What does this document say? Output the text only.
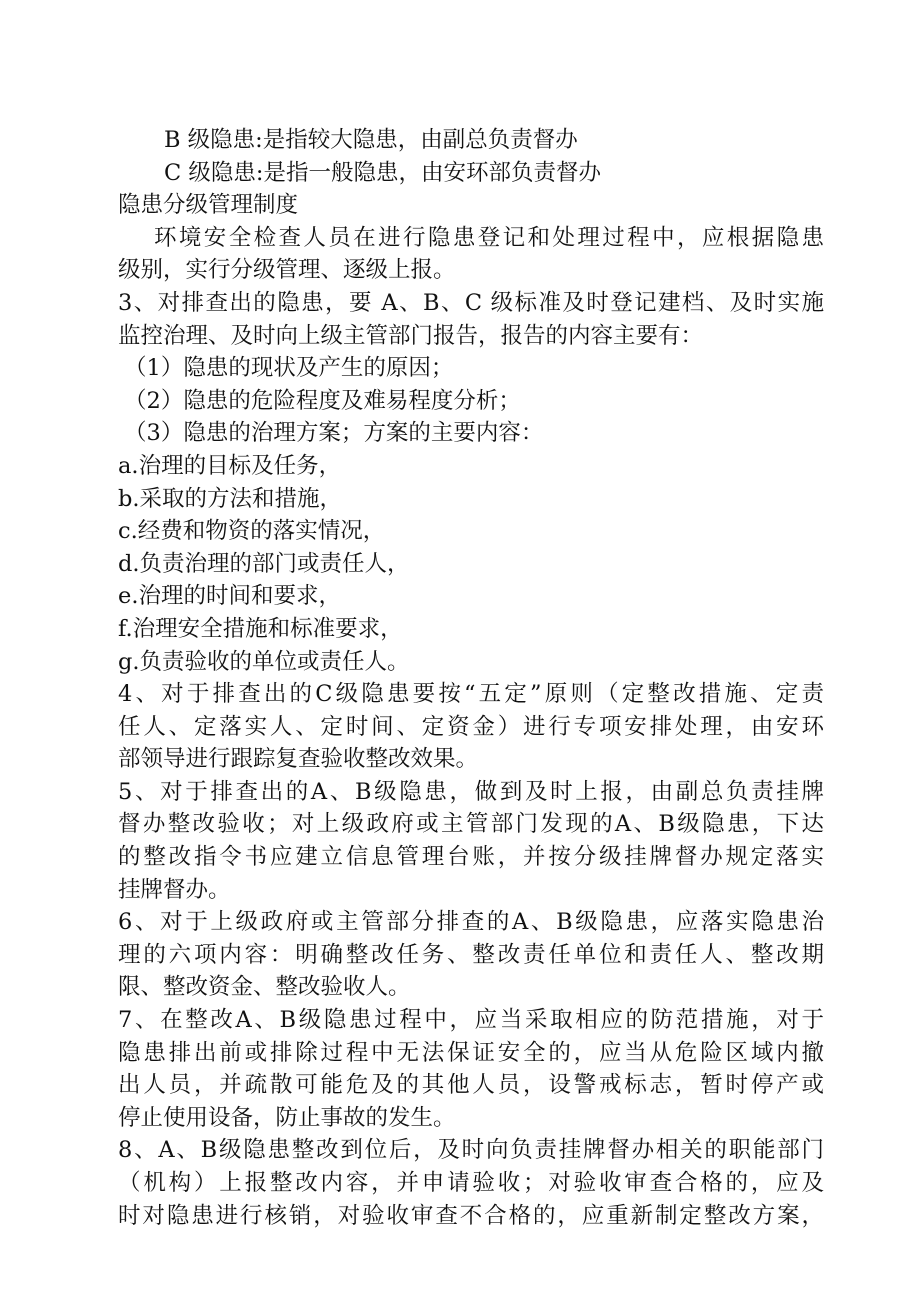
B 级隐患:是指较大隐患，由副总负责督办
C 级隐患:是指一般隐患，由安环部负责督办
隐患分级管理制度
环境安全检查人员在进行隐患登记和处理过程中，应根据隐患
级别，实行分级管理、逐级上报。
3、对排查出的隐患，要 A、B、C 级标准及时登记建档、及时实施
监控治理、及时向上级主管部门报告，报告的内容主要有：
（1）隐患的现状及产生的原因；
（2）隐患的危险程度及难易程度分析；
（3）隐患的治理方案；方案的主要内容：
a.治理的目标及任务，
b.采取的方法和措施，
c.经费和物资的落实情况，
d.负责治理的部门或责任人，
e.治理的时间和要求，
f.治理安全措施和标准要求，
g.负责验收的单位或责任人。
4、对于排查出的C级隐患要按“五定”原则（定整改措施、定责
任人、定落实人、定时间、定资金）进行专项安排处理，由安环
部领导进行跟踪复查验收整改效果。
5、对于排查出的A、B级隐患，做到及时上报，由副总负责挂牌
督办整改验收；对上级政府或主管部门发现的A、B级隐患，下达
的整改指令书应建立信息管理台账，并按分级挂牌督办规定落实
挂牌督办。
6、对于上级政府或主管部分排查的A、B级隐患，应落实隐患治
理的六项内容：明确整改任务、整改责任单位和责任人、整改期
限、整改资金、整改验收人。
7、在整改A、B级隐患过程中，应当采取相应的防范措施，对于
隐患排出前或排除过程中无法保证安全的，应当从危险区域内撤
出人员，并疏散可能危及的其他人员，设警戒标志，暂时停产或
停止使用设备，防止事故的发生。
8、A、B级隐患整改到位后，及时向负责挂牌督办相关的职能部门
（机构）上报整改内容，并申请验收；对验收审查合格的，应及
时对隐患进行核销，对验收审查不合格的，应重新制定整改方案，
